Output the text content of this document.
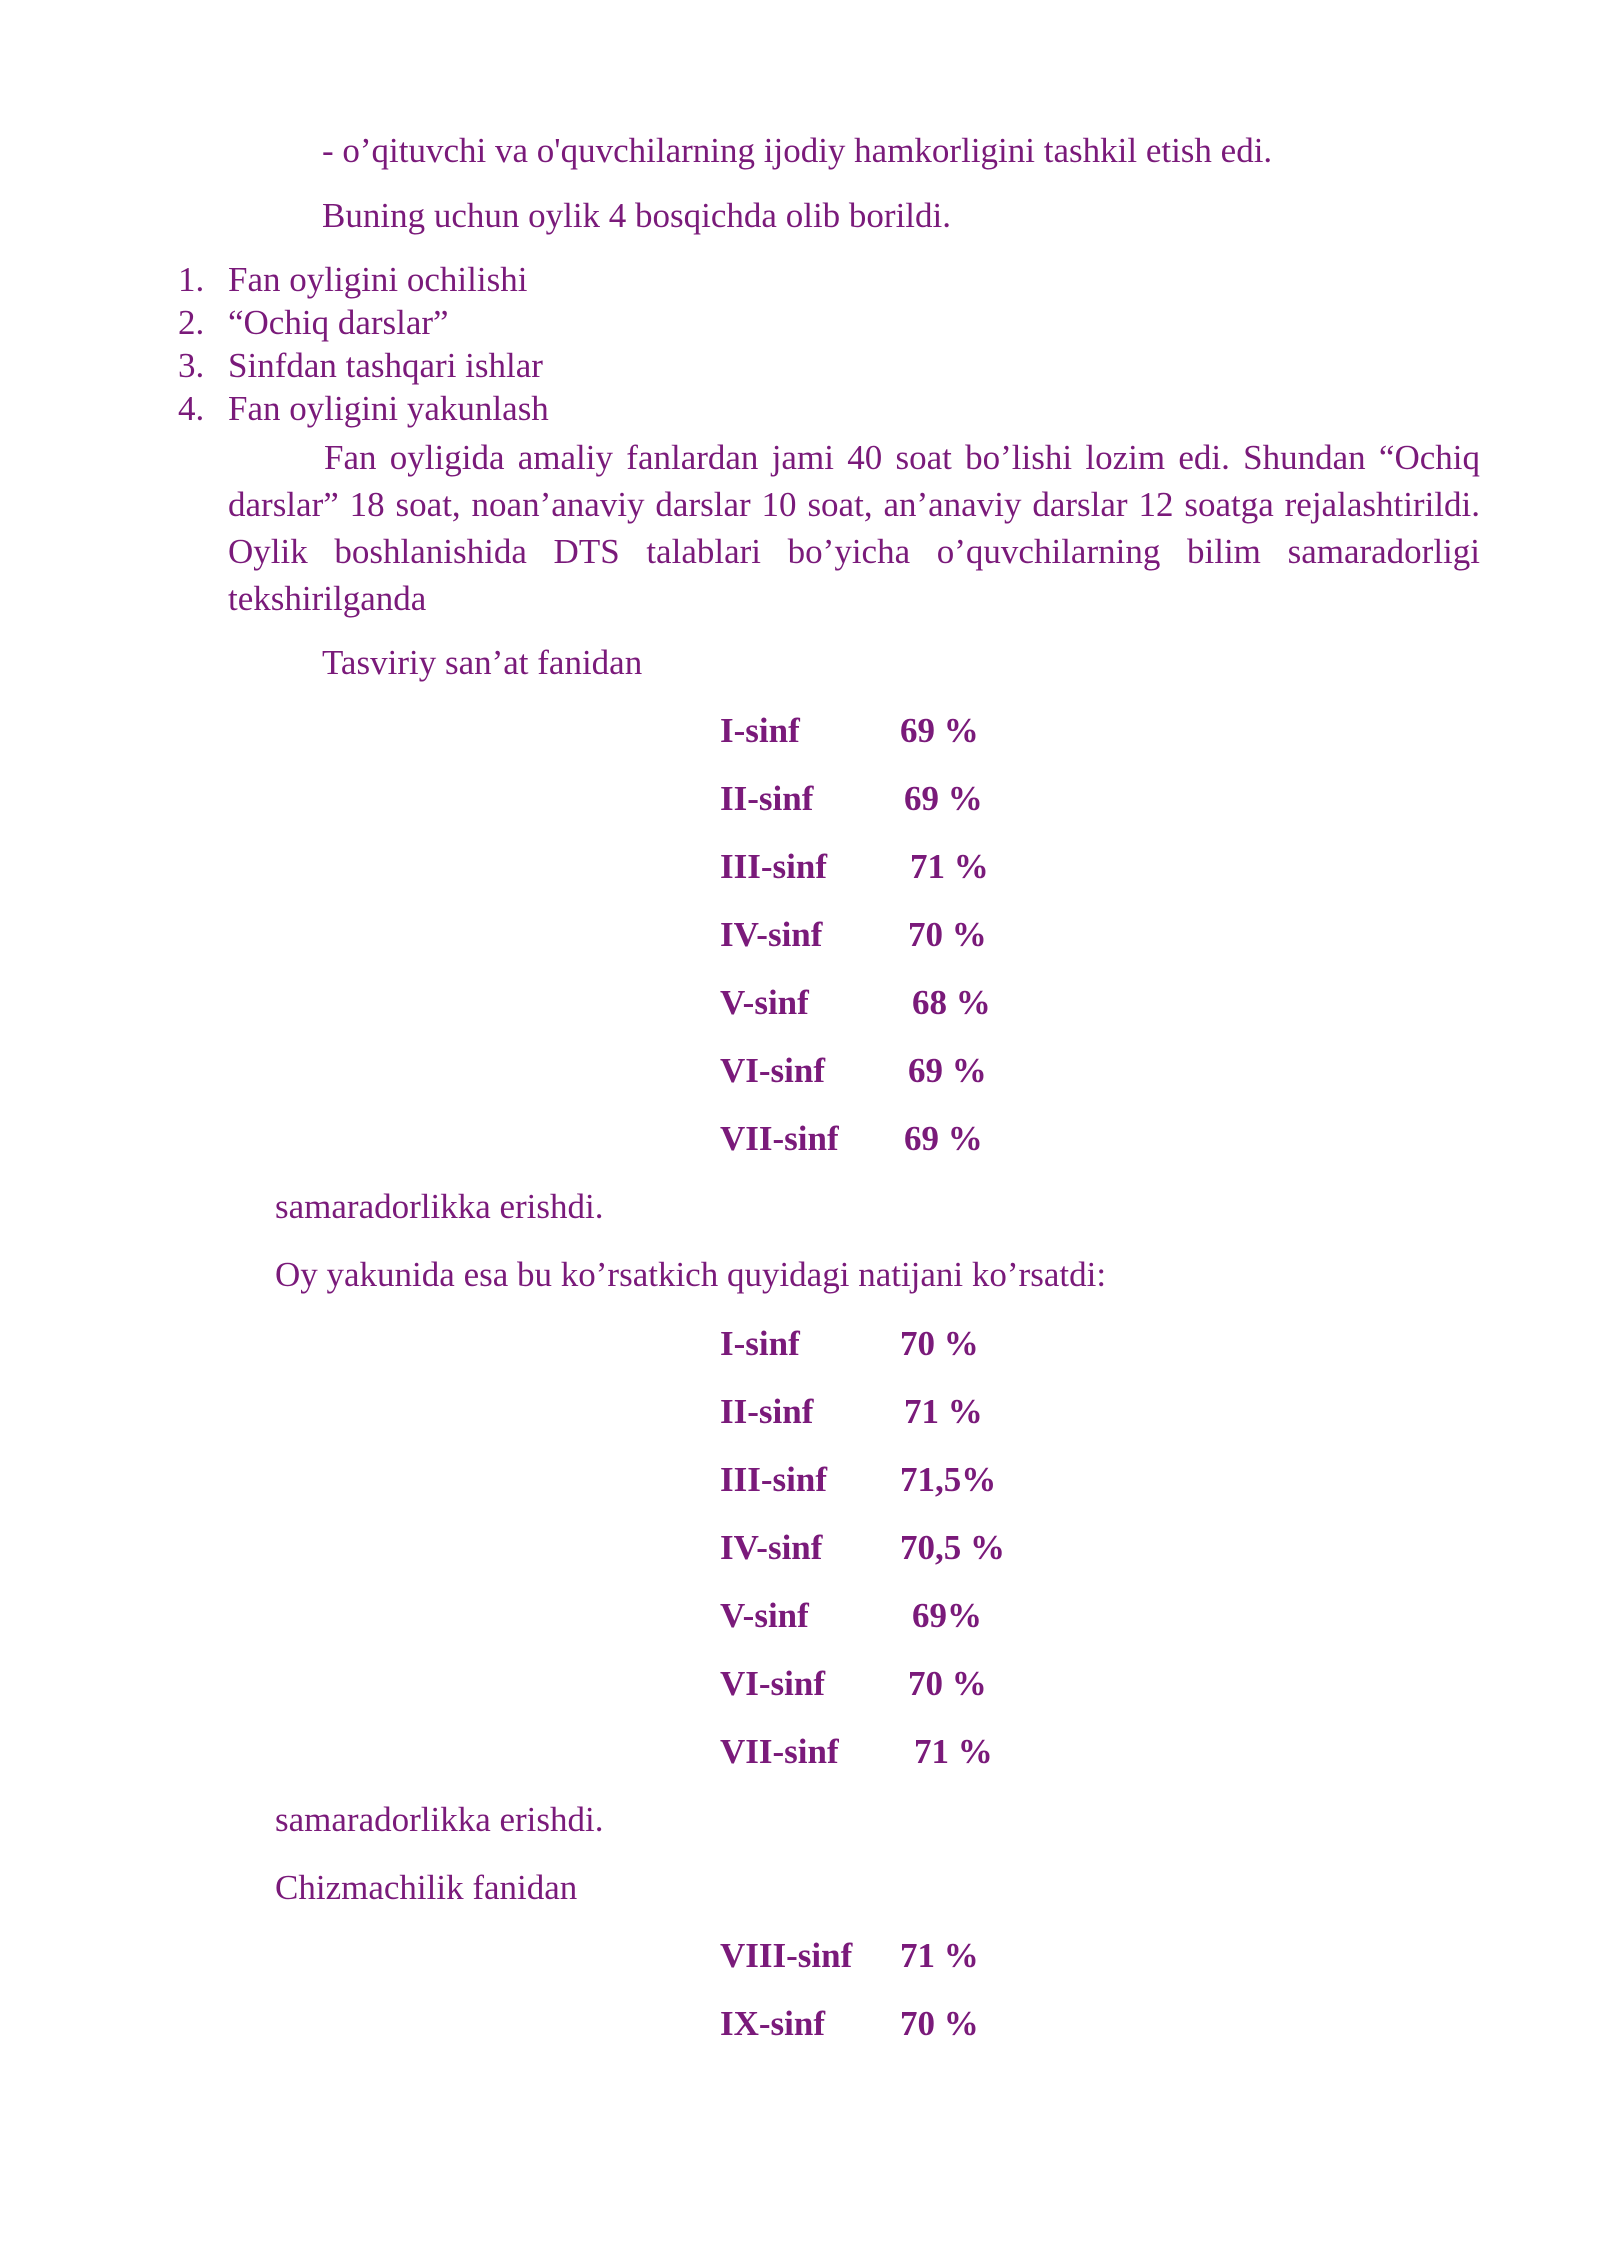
- o’qituvchi va o'quvchilarning ijodiy hamkorligini tashkil etish edi.
Buning uchun oylik 4 bosqichda olib borildi.
1. Fan oyligini ochilishi
2. “Ochiq darslar”
3. Sinfdan tashqari ishlar
4. Fan oyligini yakunlash

Fan oyligida amaliy fanlardan jami 40 soat bo’lishi lozim edi. Shundan “Ochiq darslar” 18 soat, noan’anaviy darslar 10 soat, an’anaviy darslar 12 soatga rejalashtirildi. Oylik boshlanishida DTS talablari bo’yicha o’quvchilarning bilim samaradorligi tekshirilganda

Tasviriy san’at fanidan
I-sinf	69 %
II-sinf	69 %
III-sinf 71 %
IV-sinf 70 %
V-sinf	68 %
VI-sinf 69 %
VII-sinf 69 %
samaradorlikka erishdi.
Oy yakunida esa bu ko’rsatkich quyidagi natijani ko’rsatdi:
I-sinf	70 %
II-sinf	71 %
III-sinf 71,5%
IV-sinf 70,5 %
V-sinf	69%
VI-sinf 70 %
VII-sinf 71 %
samaradorlikka erishdi.
Chizmachilik fanidan
VIII-sinf 71 %
IX-sinf 70 %
